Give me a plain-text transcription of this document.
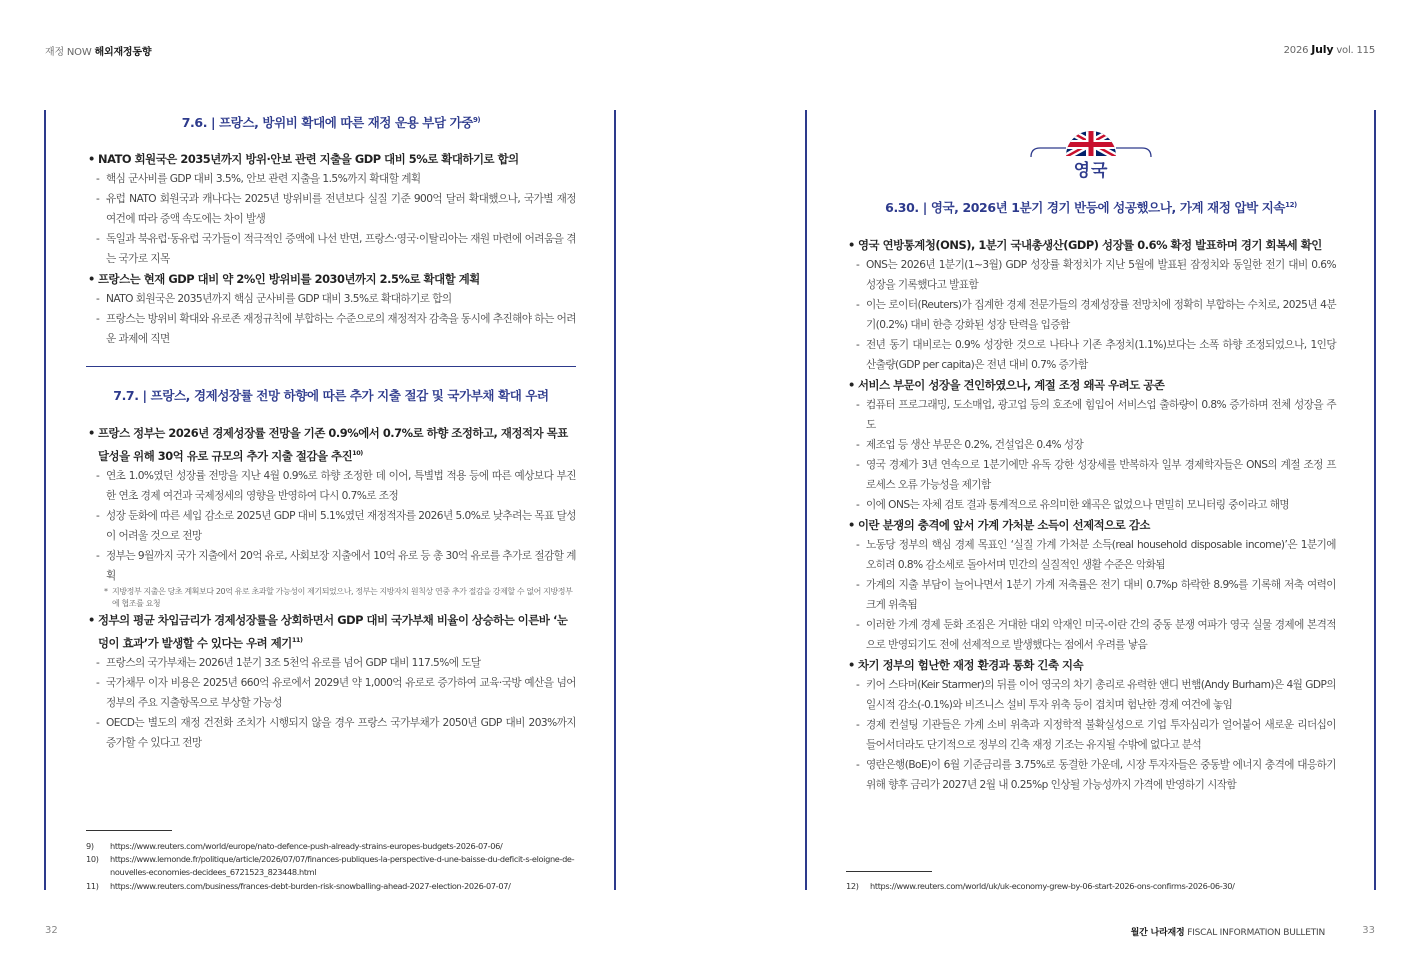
재정 NOW 해외재정동향	2026 July vol. 115
7.6. | 프랑스, 방위비 확대에 따른 재정 운용 부담 가중$^{9)}$
• NATO 회원국은 2035년까지 방위·안보 관련 지출을 GDP 대비 5%로 확대하기로 합의
- 핵심 군사비를 GDP 대비 3.5%, 안보 관련 지출을 1.5%까지 확대할 계획
- 유럽 NATO 회원국과 캐나다는 2025년 방위비를 전년보다 실질 기준 900억 달러 확대했으나, 국가별 재정 여건에 따라 증액 속도에는 차이 발생
- 독일과 북유럽·동유럽 국가들이 적극적인 증액에 나선 반면, 프랑스·영국·이탈리아는 재원 마련에 어려움을 겪는 국가로 지목
• 프랑스는 현재 GDP 대비 약 2%인 방위비를 2030년까지 2.5%로 확대할 계획
- NATO 회원국은 2035년까지 핵심 군사비를 GDP 대비 3.5%로 확대하기로 합의
- 프랑스는 방위비 확대와 유로존 재정규칙에 부합하는 수준으로의 재정적자 감축을 동시에 추진해야 하는 어려운 과제에 직면
7.7. | 프랑스, 경제성장률 전망 하향에 따른 추가 지출 절감 및 국가부채 확대 우려
• 프랑스 정부는 2026년 경제성장률 전망을 기존 0.9%에서 0.7%로 하향 조정하고, 재정적자 목표 달성을 위해 30억 유로 규모의 추가 지출 절감을 추진$^{10)}$
- 연초 1.0%였던 성장률 전망을 지난 4월 0.9%로 하향 조정한 데 이어, 특별법 적용 등에 따른 예상보다 부진한 연초 경제 여건과 국제정세의 영향을 반영하여 다시 0.7%로 조정
- 성장 둔화에 따른 세입 감소로 2025년 GDP 대비 5.1%였던 재정적자를 2026년 5.0%로 낮추려는 목표 달성이 어려울 것으로 전망
- 정부는 9월까지 국가 지출에서 20억 유로, 사회보장 지출에서 10억 유로 등 총 30억 유로를 추가로 절감할 계획
* 지방정부 지출은 당초 계획보다 20억 유로 초과할 가능성이 제기되었으나, 정부는 지방자치 원칙상 연중 추가 절감을 강제할 수 없어 지방정부에 협조를 요청
• 정부의 평균 차입금리가 경제성장률을 상회하면서 GDP 대비 국가부채 비율이 상승하는 이른바 ‘눈덩이 효과’가 발생할 수 있다는 우려 제기$^{11)}$
- 프랑스의 국가부채는 2026년 1분기 3조 5천억 유로를 넘어 GDP 대비 117.5%에 도달
- 국가채무 이자 비용은 2025년 660억 유로에서 2029년 약 1,000억 유로로 증가하여 교육·국방 예산을 넘어 정부의 주요 지출항목으로 부상할 가능성
- OECD는 별도의 재정 건전화 조치가 시행되지 않을 경우 프랑스 국가부채가 2050년 GDP 대비 203%까지 증가할 수 있다고 전망
9)	https://www.reuters.com/world/europe/nato-defence-push-already-strains-europes-budgets-2026-07-06/
10)	https://www.lemonde.fr/politique/article/2026/07/07/finances-publiques-la-perspective-d-une-baisse-du-deficit-s-eloigne-de-nouvelles-economies-decidees_6721523_823448.html
11)	https://www.reuters.com/business/frances-debt-burden-risk-snowballing-ahead-2027-election-2026-07-07/
32
영국
6.30. | 영국, 2026년 1분기 경기 반등에 성공했으나, 가계 재정 압박 지속$^{12)}$
• 영국 연방통계청(ONS), 1분기 국내총생산(GDP) 성장률 0.6% 확정 발표하며 경기 회복세 확인
- ONS는 2026년 1분기(1~3월) GDP 성장률 확정치가 지난 5월에 발표된 잠정치와 동일한 전기 대비 0.6% 성장을 기록했다고 발표함
- 이는 로이터(Reuters)가 집계한 경제 전문가들의 경제성장률 전망치에 정확히 부합하는 수치로, 2025년 4분기(0.2%) 대비 한층 강화된 성장 탄력을 입증함
- 전년 동기 대비로는 0.9% 성장한 것으로 나타나 기존 추정치(1.1%)보다는 소폭 하향 조정되었으나, 1인당 산출량(GDP per capita)은 전년 대비 0.7% 증가함
• 서비스 부문이 성장을 견인하였으나, 계절 조정 왜곡 우려도 공존
- 컴퓨터 프로그래밍, 도소매업, 광고업 등의 호조에 힘입어 서비스업 출하량이 0.8% 증가하며 전체 성장을 주도
- 제조업 등 생산 부문은 0.2%, 건설업은 0.4% 성장
- 영국 경제가 3년 연속으로 1분기에만 유독 강한 성장세를 반복하자 일부 경제학자들은 ONS의 계절 조정 프로세스 오류 가능성을 제기함
- 이에 ONS는 자체 검토 결과 통계적으로 유의미한 왜곡은 없었으나 면밀히 모니터링 중이라고 해명
• 이란 분쟁의 충격에 앞서 가계 가처분 소득이 선제적으로 감소
- 노동당 정부의 핵심 경제 목표인 ‘실질 가계 가처분 소득(real household disposable income)’은 1분기에 오히려 0.8% 감소세로 돌아서며 민간의 실질적인 생활 수준은 악화됨
- 가계의 지출 부담이 늘어나면서 1분기 가계 저축률은 전기 대비 0.7%p 하락한 8.9%를 기록해 저축 여력이 크게 위축됨
- 이러한 가계 경제 둔화 조짐은 거대한 대외 악재인 미국-이란 간의 중동 분쟁 여파가 영국 실물 경제에 본격적으로 반영되기도 전에 선제적으로 발생했다는 점에서 우려를 낳음
• 차기 정부의 험난한 재정 환경과 통화 긴축 지속
- 키어 스타머(Keir Starmer)의 뒤를 이어 영국의 차기 총리로 유력한 앤디 번햄(Andy Burham)은 4월 GDP의 일시적 감소(-0.1%)와 비즈니스 설비 투자 위축 등이 겹치며 험난한 경제 여건에 놓임
- 경제 컨설팅 기관들은 가계 소비 위축과 지정학적 불확실성으로 기업 투자심리가 얼어붙어 새로운 리더십이 들어서더라도 단기적으로 정부의 긴축 재정 기조는 유지될 수밖에 없다고 분석
- 영란은행(BoE)이 6월 기준금리를 3.75%로 동결한 가운데, 시장 투자자들은 중동발 에너지 충격에 대응하기 위해 향후 금리가 2027년 2월 내 0.25%p 인상될 가능성까지 가격에 반영하기 시작함
12)	https://www.reuters.com/world/uk/uk-economy-grew-by-06-start-2026-ons-confirms-2026-06-30/
월간 나라재정 FISCAL INFORMATION BULLETIN	33
